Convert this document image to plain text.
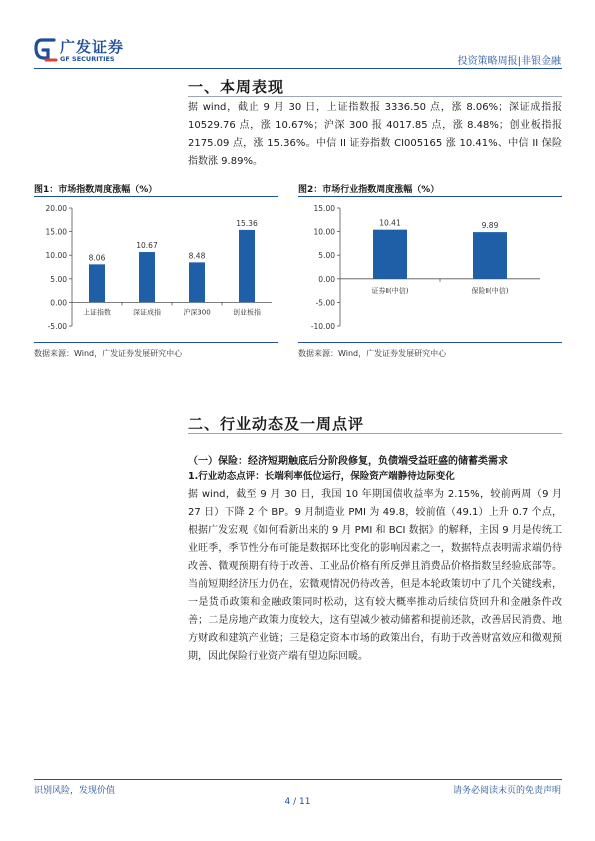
广发证券
GF SECURITIES	投资策略周报|非银金融
一、本周表现

据 wind，截止 9 月 30 日，上证指数报 3336.50 点，涨 8.06%；深证成指报 10529.76 点，涨 10.67%；沪深 300 报 4017.85 点，涨 8.48%；创业板指报 2175.09 点，涨 15.36%。中信 II 证券指数 CI005165 涨 10.41%、中信 II 保险指数涨 9.89%。

图1：市场指数周度涨幅（%）
20.00
15.00
10.00
5.00
0.00
-5.00
8.06
上证指数
10.67
深证成指
8.48
沪深300
15.36
创业板指
数据来源：Wind，广发证券发展研究中心
图2：市场行业指数周度涨幅（%）
15.00
10.00
5.00
0.00
-5.00
-10.00
10.41
证券Ⅱ(中信)
9.89
保险Ⅱ(中信)
数据来源：Wind，广发证券发展研究中心
二、行业动态及一周点评
（一）保险：经济短期触底后分阶段修复，负债端受益旺盛的储蓄类需求
1.行业动态点评：长端利率低位运行，保险资产端静待边际变化

据 wind，截至 9 月 30 日，我国 10 年期国债收益率为 2.15%，较前两周（9 月 27 日）下降 2 个 BP。9 月制造业 PMI 为 49.8，较前值（49.1）上升 0.7 个点，根据广发宏观《如何看新出来的 9 月 PMI 和 BCI 数据》的解释，主因 9 月是传统工业旺季，季节性分布可能是数据环比变化的影响因素之一，数据特点表明需求端仍待改善、微观预期有待于改善、工业品价格有所反弹且消费品价格指数呈经验底部等。当前短期经济压力仍在，宏微观情况仍待改善，但是本轮政策切中了几个关键线索，一是货币政策和金融政策同时松动，这有较大概率推动后续信贷回升和金融条件改善；二是房地产政策力度较大，这有望减少被动储蓄和提前还款，改善居民消费、地方财政和建筑产业链；三是稳定资本市场的政策出台，有助于改善财富效应和微观预期，因此保险行业资产端有望边际回暖。

识别风险，发现价值	请务必阅读末页的免责声明
4 / 11
